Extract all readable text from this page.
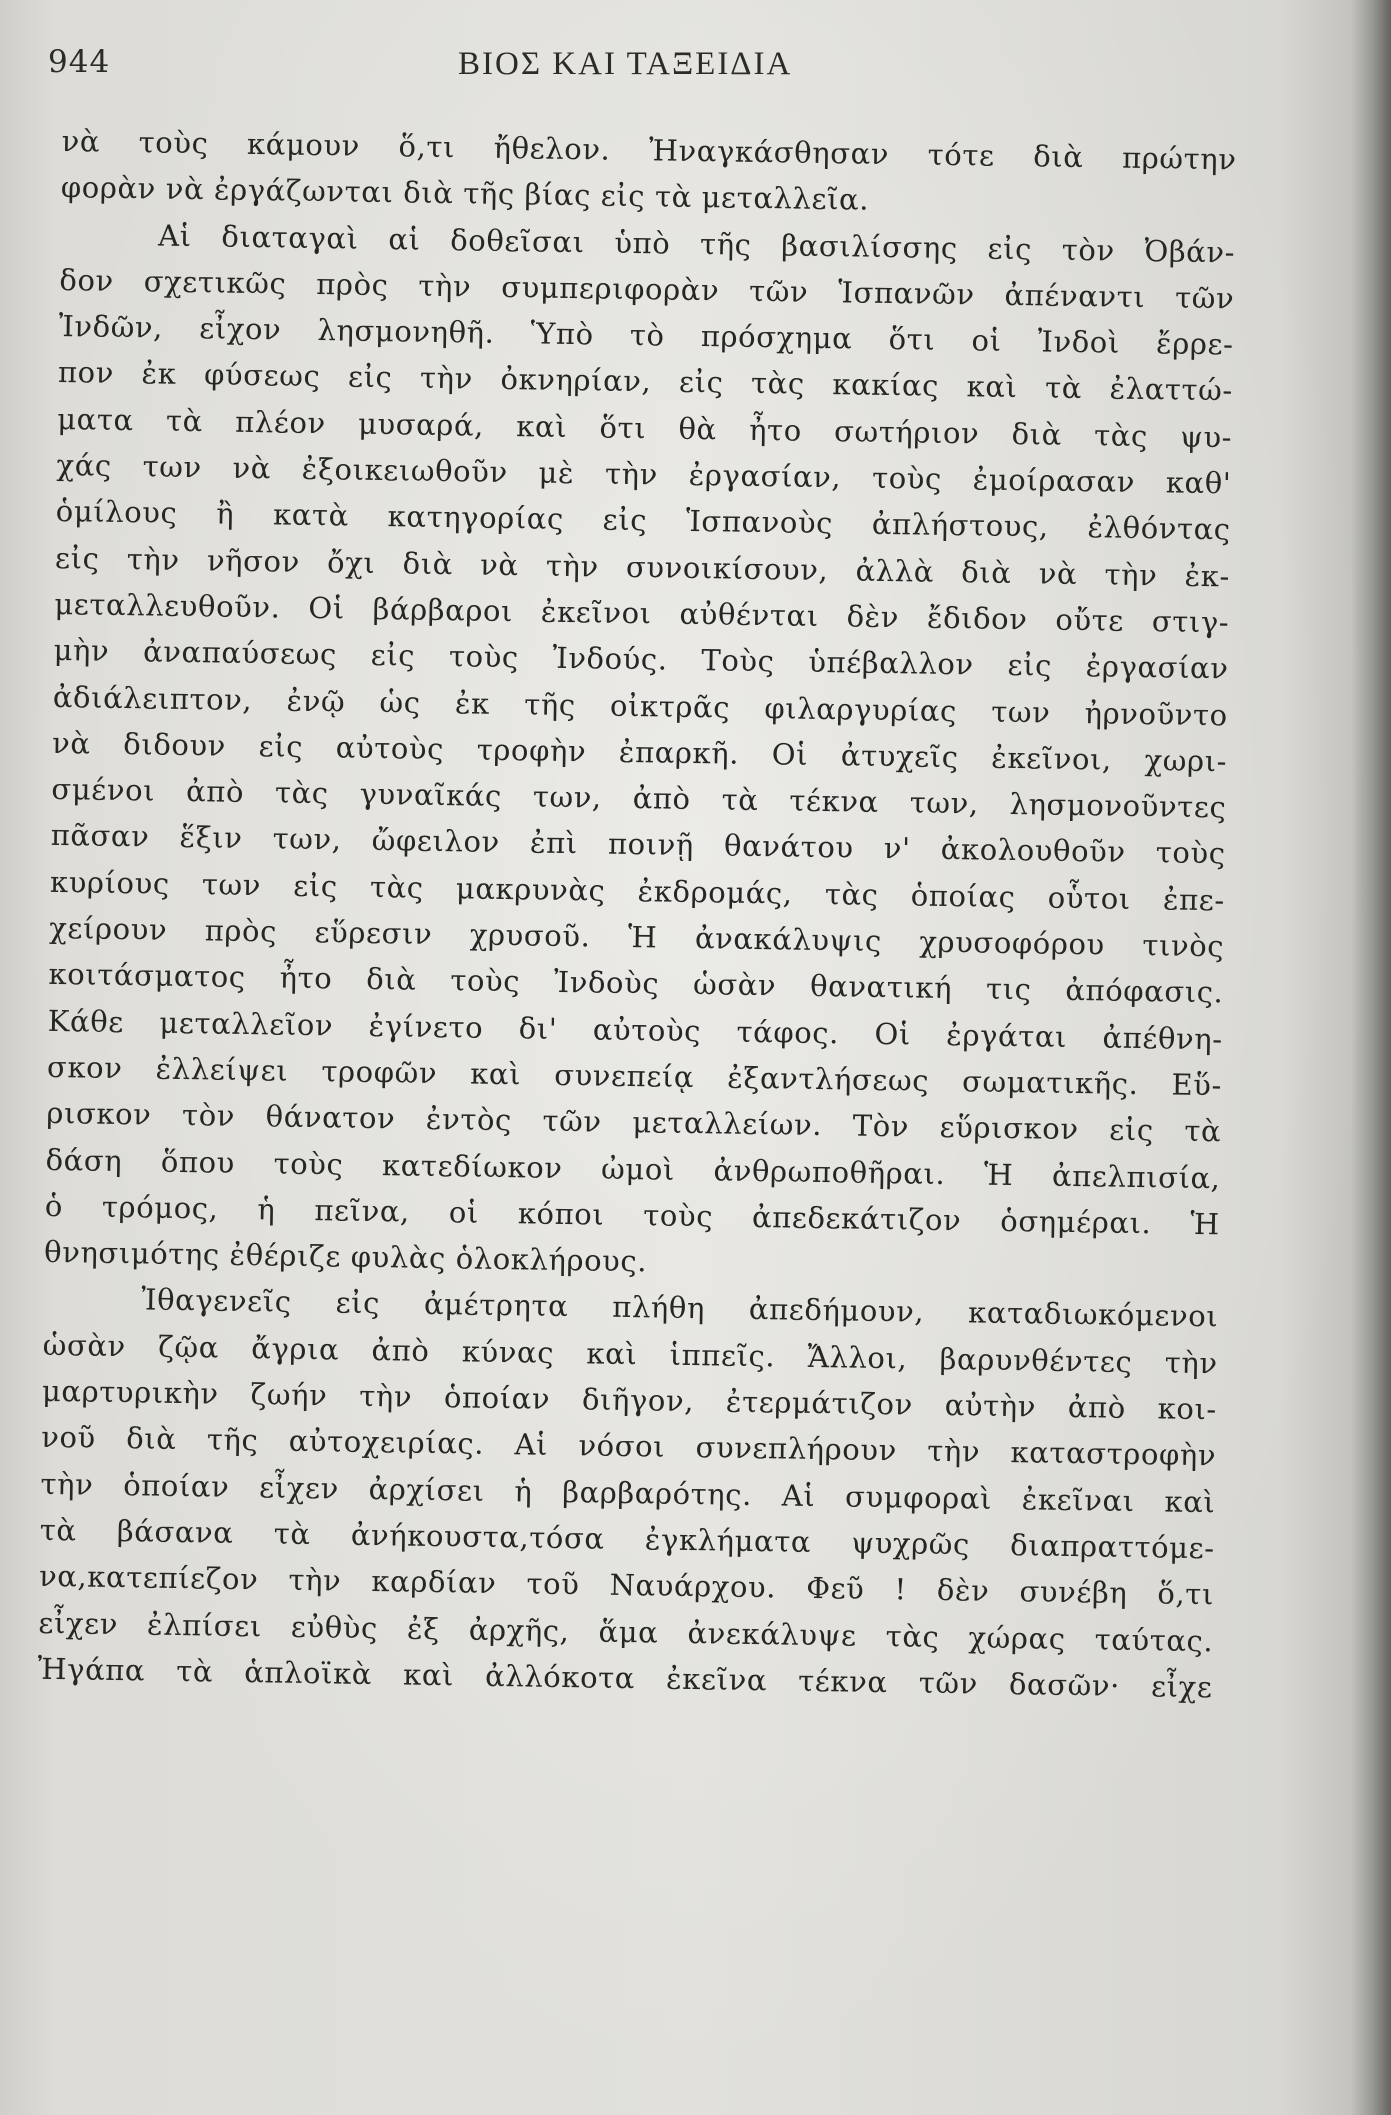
944	ΒΙΟΣ ΚΑΙ ΤΑΞΕΙΔΙΑ
νὰ τοὺς κάμουν ὅ,τι ἤθελον. Ἠναγκάσθησαν τότε διὰ πρώτην
φορὰν νὰ ἐργάζωνται διὰ τῆς βίας εἰς τὰ μεταλλεῖα.
Αἱ διαταγαὶ αἱ δοθεῖσαι ὑπὸ τῆς βασιλίσσης εἰς τὸν Ὀβάν-
δον σχετικῶς πρὸς τὴν συμπεριφορὰν τῶν Ἱσπανῶν ἀπέναντι τῶν
Ἰνδῶν, εἶχον λησμονηθῆ. Ὑπὸ τὸ πρόσχημα ὅτι οἱ Ἰνδοὶ ἔρρε-
πον ἐκ φύσεως εἰς τὴν ὀκνηρίαν, εἰς τὰς κακίας καὶ τὰ ἐλαττώ-
ματα τὰ πλέον μυσαρά, καὶ ὅτι θὰ ἦτο σωτήριον διὰ τὰς ψυ-
χάς των νὰ ἐξοικειωθοῦν μὲ τὴν ἐργασίαν, τοὺς ἐμοίρασαν καθ'
ὁμίλους ἢ κατὰ κατηγορίας εἰς Ἱσπανοὺς ἀπλήστους, ἐλθόντας
εἰς τὴν νῆσον ὄχι διὰ νὰ τὴν συνοικίσουν, ἀλλὰ διὰ νὰ τὴν ἐκ-
μεταλλευθοῦν. Οἱ βάρβαροι ἐκεῖνοι αὐθένται δὲν ἔδιδον οὔτε στιγ-
μὴν ἀναπαύσεως εἰς τοὺς Ἰνδούς. Τοὺς ὑπέβαλλον εἰς ἐργασίαν
ἀδιάλειπτον, ἐνῷ ὡς ἐκ τῆς οἰκτρᾶς φιλαργυρίας των ἠρνοῦντο
νὰ διδουν εἰς αὐτοὺς τροφὴν ἐπαρκῆ. Οἱ ἀτυχεῖς ἐκεῖνοι, χωρι-
σμένοι ἀπὸ τὰς γυναῖκάς των, ἀπὸ τὰ τέκνα των, λησμονοῦντες
πᾶσαν ἕξιν των, ὤφειλον ἐπὶ ποινῇ θανάτου ν' ἀκολουθοῦν τοὺς
κυρίους των εἰς τὰς μακρυνὰς ἐκδρομάς, τὰς ὁποίας οὗτοι ἐπε-
χείρουν πρὸς εὕρεσιν χρυσοῦ. Ἡ ἀνακάλυψις χρυσοφόρου τινὸς
κοιτάσματος ἦτο διὰ τοὺς Ἰνδοὺς ὡσὰν θανατική τις ἀπόφασις.
Κάθε μεταλλεῖον ἐγίνετο δι' αὐτοὺς τάφος. Οἱ ἐργάται ἀπέθνη-
σκον ἐλλείψει τροφῶν καὶ συνεπείᾳ ἐξαντλήσεως σωματικῆς. Εὕ-
ρισκον τὸν θάνατον ἐντὸς τῶν μεταλλείων. Τὸν εὕρισκον εἰς τὰ
δάση ὅπου τοὺς κατεδίωκον ὠμοὶ ἀνθρωποθῆραι. Ἡ ἀπελπισία,
ὁ τρόμος, ἡ πεῖνα, οἱ κόποι τοὺς ἀπεδεκάτιζον ὁσημέραι. Ἡ
θνησιμότης ἐθέριζε φυλὰς ὁλοκλήρους.
Ἰθαγενεῖς εἰς ἀμέτρητα πλήθη ἀπεδήμουν, καταδιωκόμενοι
ὡσὰν ζῷα ἄγρια ἀπὸ κύνας καὶ ἱππεῖς. Ἄλλοι, βαρυνθέντες τὴν
μαρτυρικὴν ζωήν τὴν ὁποίαν διῆγον, ἐτερμάτιζον αὐτὴν ἀπὸ κοι-
νοῦ διὰ τῆς αὐτοχειρίας. Αἱ νόσοι συνεπλήρουν τὴν καταστροφὴν
τὴν ὁποίαν εἶχεν ἀρχίσει ἡ βαρβαρότης. Αἱ συμφοραὶ ἐκεῖναι καὶ
τὰ βάσανα τὰ ἀνήκουστα,τόσα ἐγκλήματα ψυχρῶς διαπραττόμε-
να,κατεπίεζον τὴν καρδίαν τοῦ Ναυάρχου. Φεῦ ! δὲν συνέβη ὅ,τι
εἶχεν ἐλπίσει εὐθὺς ἐξ ἀρχῆς, ἅμα ἀνεκάλυψε τὰς χώρας ταύτας.
Ἠγάπα τὰ ἁπλοϊκὰ καὶ ἀλλόκοτα ἐκεῖνα τέκνα τῶν δασῶν· εἶχε
